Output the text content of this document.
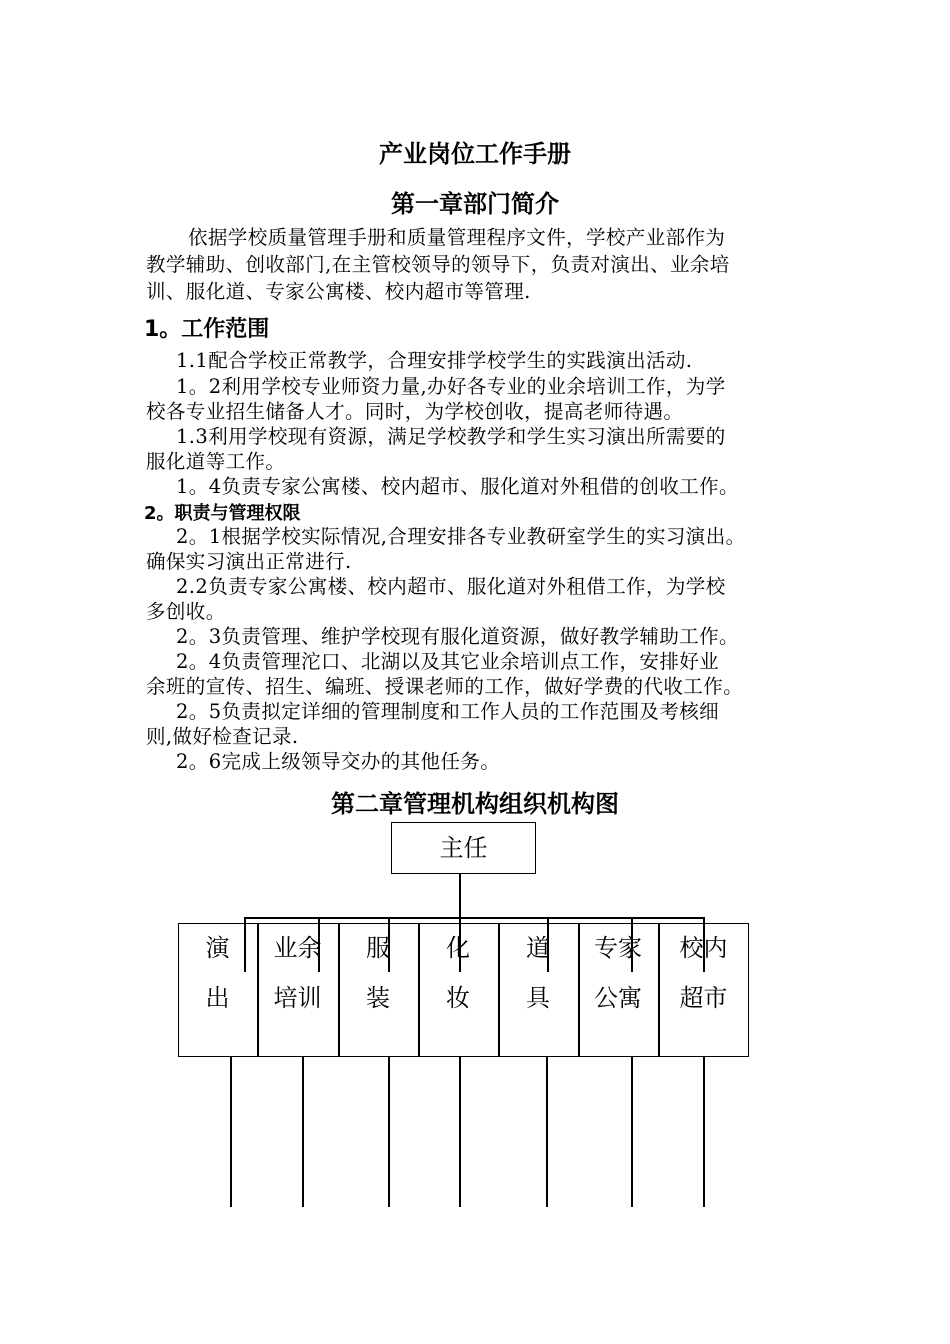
产业岗位工作手册
第一章部门简介
依据学校质量管理手册和质量管理程序文件，学校产业部作为
教学辅助、创收部门,在主管校领导的领导下，负责对演出、业余培
训、服化道、专家公寓楼、校内超市等管理.
1。工作范围
1.1配合学校正常教学，合理安排学校学生的实践演出活动.
1。2利用学校专业师资力量,办好各专业的业余培训工作，为学
校各专业招生储备人才。同时，为学校创收，提高老师待遇。
1.3利用学校现有资源，满足学校教学和学生实习演出所需要的
服化道等工作。
1。4负责专家公寓楼、校内超市、服化道对外租借的创收工作。
2。职责与管理权限
2。1根据学校实际情况,合理安排各专业教研室学生的实习演出。
确保实习演出正常进行.
2.2负责专家公寓楼、校内超市、服化道对外租借工作，为学校
多创收。
2。3负责管理、维护学校现有服化道资源，做好教学辅助工作。
2。4负责管理沱口、北湖以及其它业余培训点工作，安排好业
余班的宣传、招生、编班、授课老师的工作，做好学费的代收工作。
2。5负责拟定详细的管理制度和工作人员的工作范围及考核细
则,做好检查记录.
2。6完成上级领导交办的其他任务。
第二章管理机构组织机构图
主任
演
出
业余
培训
服
装
化
妆
道
具
专家
公寓
校内
超市
